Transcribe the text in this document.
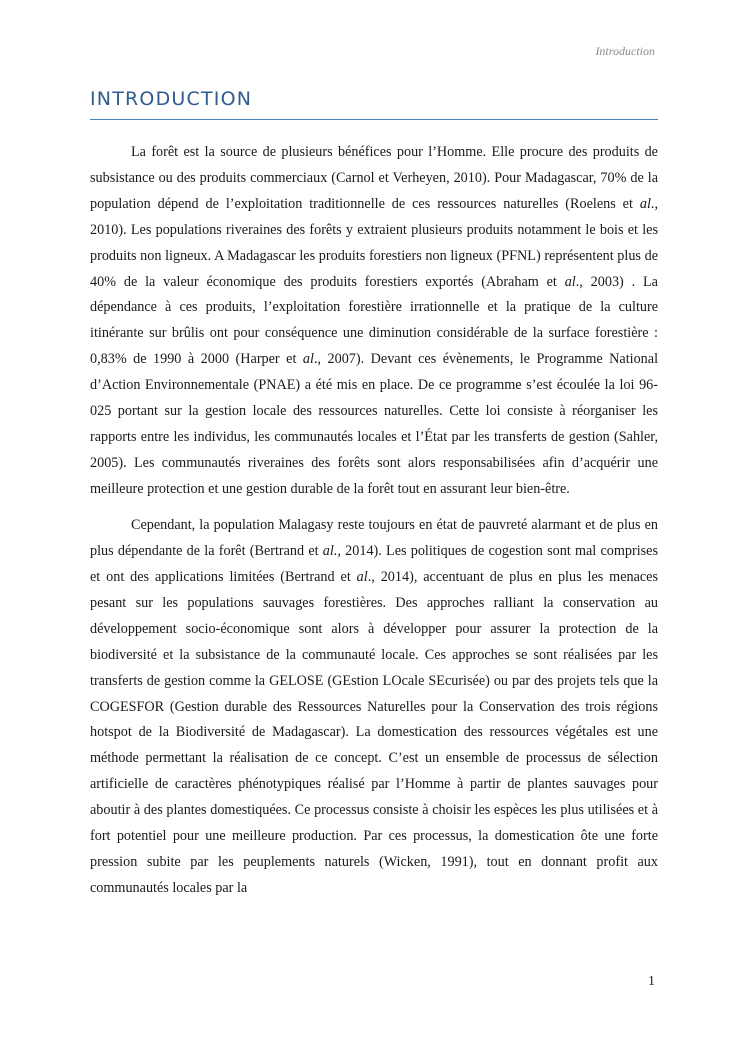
Introduction
INTRODUCTION

La forêt est la source de plusieurs bénéfices pour l’Homme. Elle procure des produits de subsistance ou des produits commerciaux (Carnol et Verheyen, 2010). Pour Madagascar, 70% de la population dépend de l’exploitation traditionnelle de ces ressources naturelles (Roelens et al., 2010). Les populations riveraines des forêts y extraient plusieurs produits notamment le bois et les produits non ligneux. A Madagascar les produits forestiers non ligneux (PFNL) représentent plus de 40% de la valeur économique des produits forestiers exportés (Abraham et al., 2003) . La dépendance à ces produits, l’exploitation forestière irrationnelle et la pratique de la culture itinérante sur brûlis ont pour conséquence une diminution considérable de la surface forestière : 0,83% de 1990 à 2000 (Harper et al., 2007). Devant ces évènements, le Programme National d’Action Environnementale (PNAE) a été mis en place. De ce programme s’est écoulée la loi 96-025 portant sur la gestion locale des ressources naturelles. Cette loi consiste à réorganiser les rapports entre les individus, les communautés locales et l’État par les transferts de gestion (Sahler, 2005). Les communautés riveraines des forêts sont alors responsabilisées afin d’acquérir une meilleure protection et une gestion durable de la forêt tout en assurant leur bien-être.

Cependant, la population Malagasy reste toujours en état de pauvreté alarmant et de plus en plus dépendante de la forêt (Bertrand et al., 2014). Les politiques de cogestion sont mal comprises et ont des applications limitées (Bertrand et al., 2014), accentuant de plus en plus les menaces pesant sur les populations sauvages forestières. Des approches ralliant la conservation au développement socio-économique sont alors à développer pour assurer la protection de la biodiversité et la subsistance de la communauté locale. Ces approches se sont réalisées par les transferts de gestion comme la GELOSE (GEstion LOcale SEcurisée) ou par des projets tels que la COGESFOR (Gestion durable des Ressources Naturelles pour la Conservation des trois régions hotspot de la Biodiversité de Madagascar). La domestication des ressources végétales est une méthode permettant la réalisation de ce concept. C’est un ensemble de processus de sélection artificielle de caractères phénotypiques réalisé par l’Homme à partir de plantes sauvages pour aboutir à des plantes domestiquées. Ce processus consiste à choisir les espèces les plus utilisées et à fort potentiel pour une meilleure production. Par ces processus, la domestication ôte une forte pression subite par les peuplements naturels (Wicken, 1991), tout en donnant profit aux communautés locales par la

1
